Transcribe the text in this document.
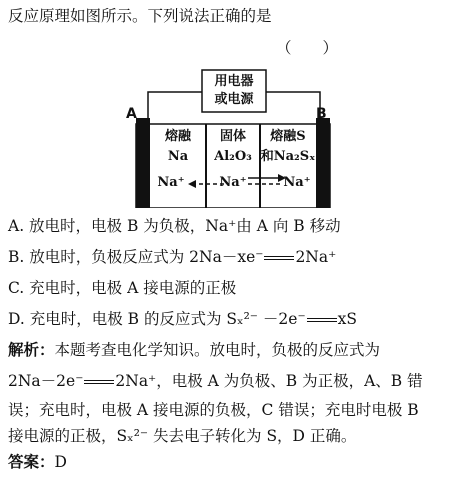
反应原理如图所示。下列说法正确的是
（　　）
用电器
或电源
A	B
熔融
Na
固体
Al₂O₃
熔融S
和Na₂Sₓ
Na⁺	Na⁺	Na⁺
A. 放电时，电极 B 为负极，Na⁺由 A 向 B 移动
B. 放电时，负极反应式为 2Na－xe⁻ 2Na⁺
C. 充电时，电极 A 接电源的正极
D. 充电时，电极 B 的反应式为 Sₓ²⁻ －2e⁻ xS
解析：本题考查电化学知识。放电时，负极的反应式为
2Na－2e⁻ 2Na⁺，电极 A 为负极、B 为正极，A、B 错
误；充电时，电极 A 接电源的负极，C 错误；充电时电极 B
接电源的正极，Sₓ²⁻ 失去电子转化为 S，D 正确。
答案：D
